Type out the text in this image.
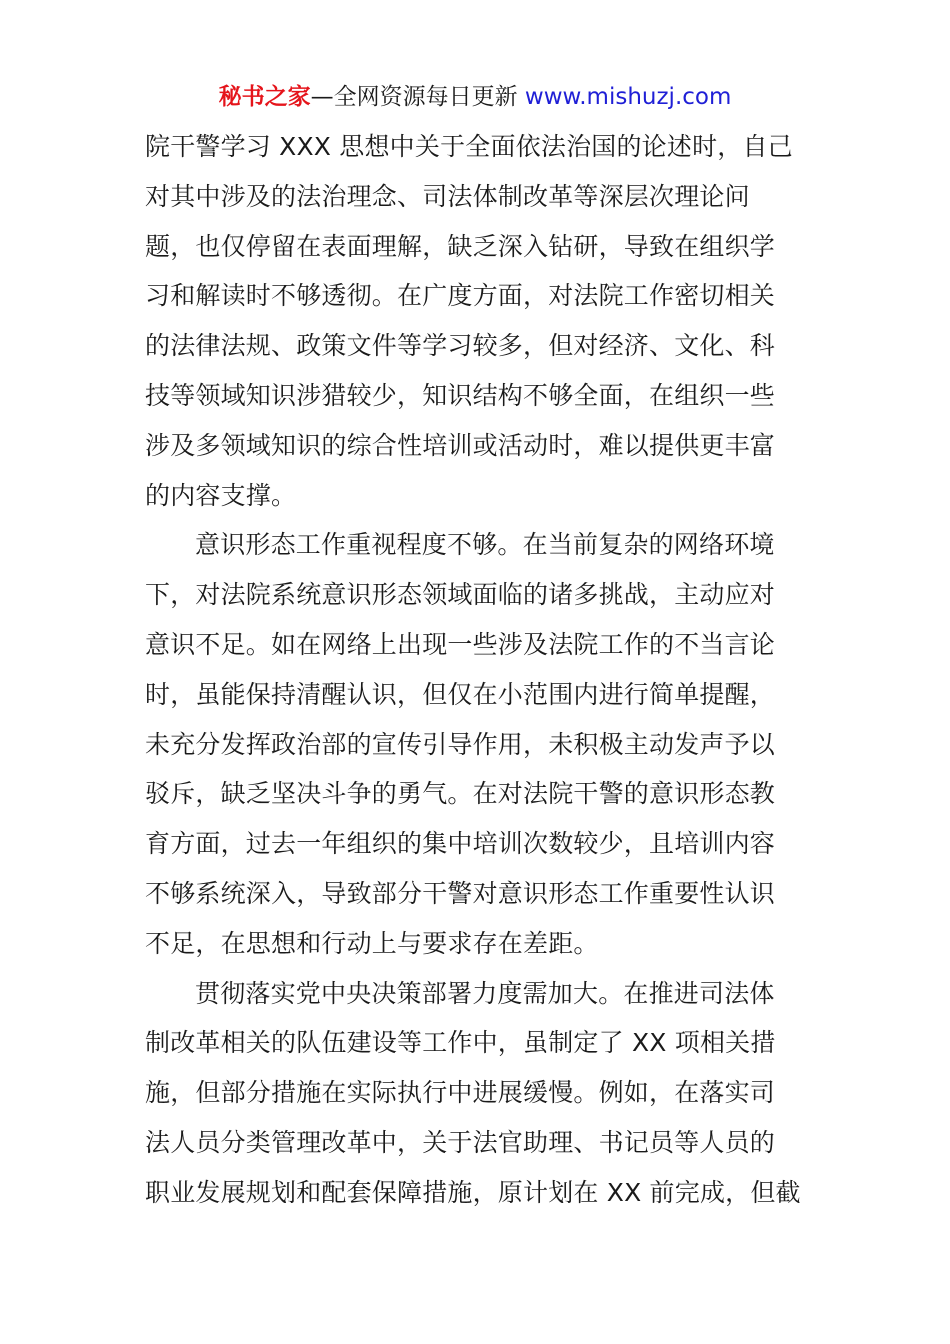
秘书之家—全网资源每日更新 www.mishuzj.com
院干警学习 XXX 思想中关于全面依法治国的论述时，自己
对其中涉及的法治理念、司法体制改革等深层次理论问
题，也仅停留在表面理解，缺乏深入钻研，导致在组织学
习和解读时不够透彻。在广度方面，对法院工作密切相关
的法律法规、政策文件等学习较多，但对经济、文化、科
技等领域知识涉猎较少，知识结构不够全面，在组织一些
涉及多领域知识的综合性培训或活动时，难以提供更丰富
的内容支撑。
意识形态工作重视程度不够。在当前复杂的网络环境
下，对法院系统意识形态领域面临的诸多挑战，主动应对
意识不足。如在网络上出现一些涉及法院工作的不当言论
时，虽能保持清醒认识，但仅在小范围内进行简单提醒，
未充分发挥政治部的宣传引导作用，未积极主动发声予以
驳斥，缺乏坚决斗争的勇气。在对法院干警的意识形态教
育方面，过去一年组织的集中培训次数较少，且培训内容
不够系统深入，导致部分干警对意识形态工作重要性认识
不足，在思想和行动上与要求存在差距。
贯彻落实党中央决策部署力度需加大。在推进司法体
制改革相关的队伍建设等工作中，虽制定了 XX 项相关措
施，但部分措施在实际执行中进展缓慢。例如，在落实司
法人员分类管理改革中，关于法官助理、书记员等人员的
职业发展规划和配套保障措施，原计划在 XX 前完成，但截
